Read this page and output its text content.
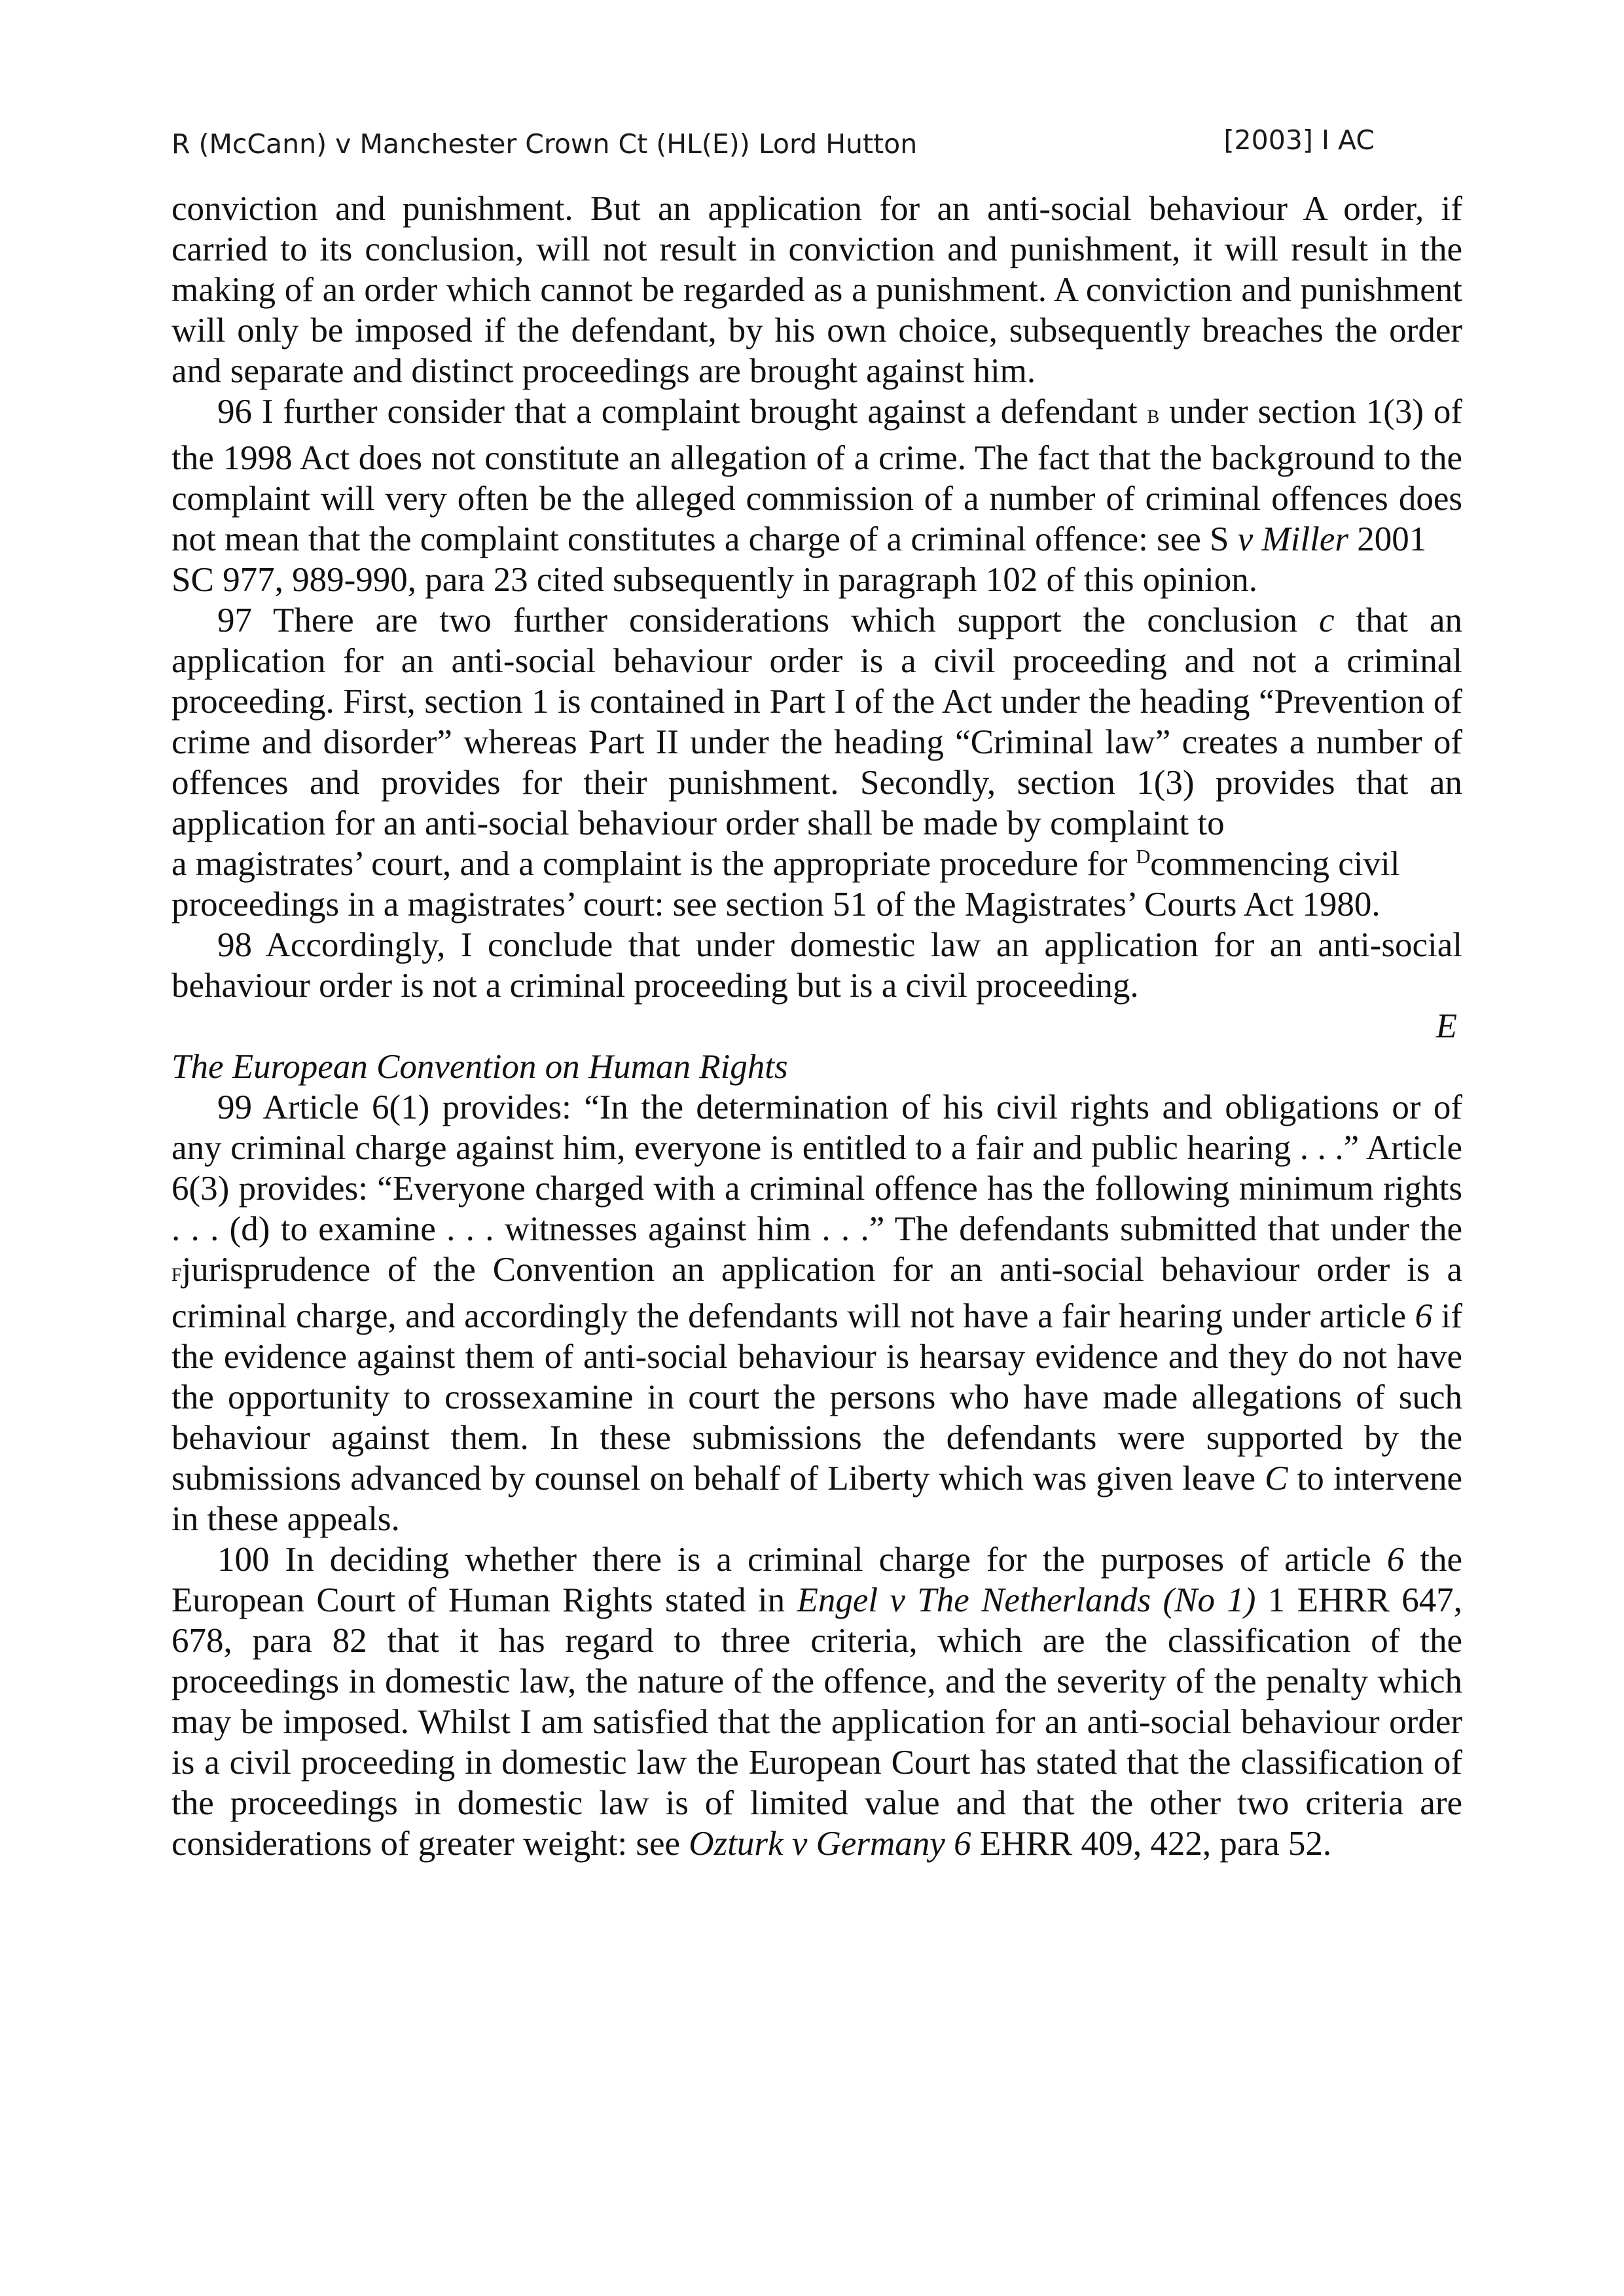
R (McCann) v Manchester Crown Ct (HL(E)) Lord Hutton	[2003] I AC

conviction and punishment. But an application for an anti-social behaviour A order, if carried to its conclusion, will not result in conviction and punishment, it will result in the making of an order which cannot be regarded as a punishment. A conviction and punishment will only be imposed if the defendant, by his own choice, subsequently breaches the order and separate and distinct proceedings are brought against him.

96 I further consider that a complaint brought against a defendant B under section 1(3) of the 1998 Act does not constitute an allegation of a crime. The fact that the background to the complaint will very often be the alleged commission of a number of criminal offences does not mean that the complaint constitutes a charge of a criminal offence: see S v Miller 2001

SC 977, 989-990, para 23 cited subsequently in paragraph 102 of this opinion.

97 There are two further considerations which support the conclusion c that an application for an anti-social behaviour order is a civil proceeding and not a criminal proceeding. First, section 1 is contained in Part I of the Act under the heading “Prevention of crime and disorder” whereas Part II under the heading “Criminal law” creates a number of offences and provides for their punishment. Secondly, section 1(3) provides that an application for an anti-social behaviour order shall be made by complaint to

a magistrates’ court, and a complaint is the appropriate procedure for $^D$commencing civil proceedings in a magistrates’ court: see section 51 of the Magistrates’ Courts Act 1980.

98 Accordingly, I conclude that under domestic law an application for an anti-social behaviour order is not a criminal proceeding but is a civil proceeding.

E

The European Convention on Human Rights

99 Article 6(1) provides: “In the determination of his civil rights and obligations or of any criminal charge against him, everyone is entitled to a fair and public hearing . . .” Article 6(3) provides: “Everyone charged with a criminal offence has the following minimum rights . . . (d) to examine . . . witnesses against him . . .” The defendants submitted that under the Fjurisprudence of the Convention an application for an anti-social behaviour order is a criminal charge, and accordingly the defendants will not have a fair hearing under article 6 if the evidence against them of anti-social behaviour is hearsay evidence and they do not have the opportunity to crossexamine in court the persons who have made allegations of such behaviour against them. In these submissions the defendants were supported by the submissions advanced by counsel on behalf of Liberty which was given leave C to intervene in these appeals.

100 In deciding whether there is a criminal charge for the purposes of article 6 the European Court of Human Rights stated in Engel v The Netherlands (No 1) 1 EHRR 647, 678, para 82 that it has regard to three criteria, which are the classification of the proceedings in domestic law, the nature of the offence, and the severity of the penalty which may be imposed. Whilst I am satisfied that the application for an anti-social behaviour order is a civil proceeding in domestic law the European Court has stated that the classification of the proceedings in domestic law is of limited value and that the other two criteria are considerations of greater weight: see Ozturk v Germany 6 EHRR 409, 422, para 52.
